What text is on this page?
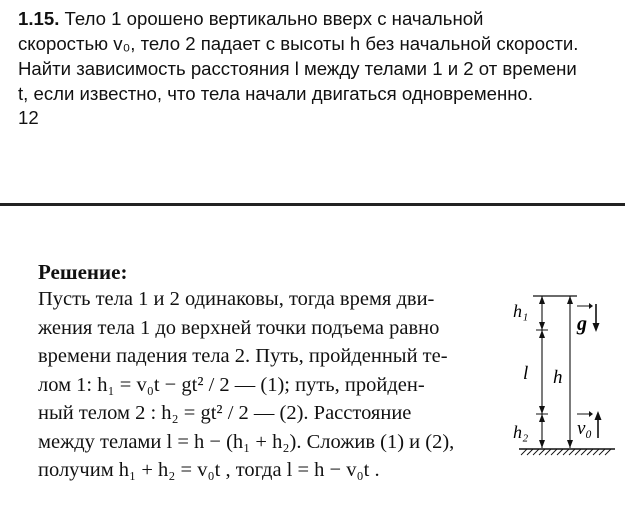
1.15. Тело 1 орошено вертикально вверх с начальной
скоростью v₀, тело 2 падает с высоты h без начальной скорости.
Найти зависимость расстояния l между телами 1 и 2 от времени
t, если известно, что тела начали двигаться одновременно.
12
Решение:
Пусть тела 1 и 2 одинаковы, тогда время дви-
жения тела 1 до верхней точки подъема равно
времени падения тела 2. Путь, пройденный те-
лом 1: h₁ = v₀t − gt² / 2 — (1); путь, пройден-
ный телом 2 : h₂ = gt² / 2 — (2). Расстояние
между телами l = h − (h₁ + h₂). Сложив (1) и (2),
получим h₁ + h₂ = v₀t , тогда l = h − v₀t .
h₁
l h
h₂
g
v₀
